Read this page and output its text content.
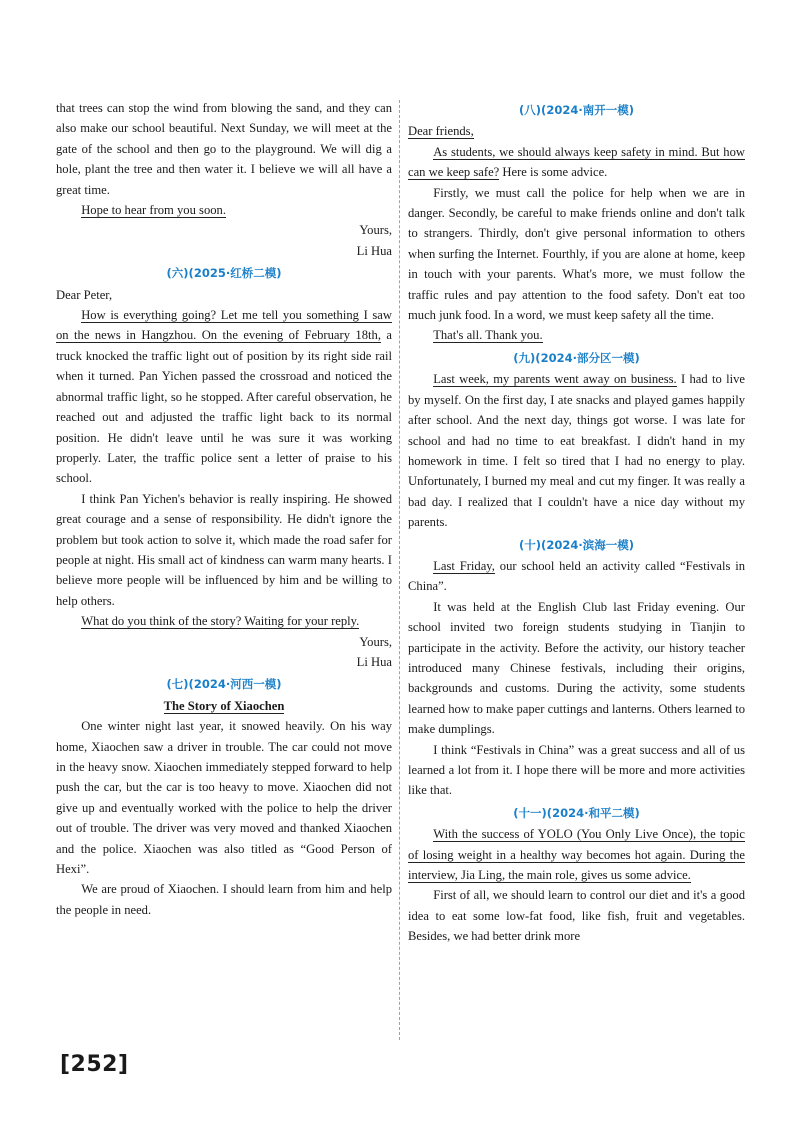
that trees can stop the wind from blowing the sand, and they can also make our school beautiful. Next Sunday, we will meet at the gate of the school and then go to the playground. We will dig a hole, plant the tree and then water it. I believe we will all have a great time.

Hope to hear from you soon.

Yours,

Li Hua

(六)(2025·红桥二模)

Dear Peter,

How is everything going? Let me tell you something I saw on the news in Hangzhou. On the evening of February 18th, a truck knocked the traffic light out of position by its right side rail when it turned. Pan Yichen passed the crossroad and noticed the abnormal traffic light, so he stopped. After careful observation, he reached out and adjusted the traffic light back to its normal position. He didn't leave until he was sure it was working properly. Later, the traffic police sent a letter of praise to his school.

I think Pan Yichen's behavior is really inspiring. He showed great courage and a sense of responsibility. He didn't ignore the problem but took action to solve it, which made the road safer for people at night. His small act of kindness can warm many hearts. I believe more people will be influenced by him and be willing to help others.

What do you think of the story? Waiting for your reply.

Yours,

Li Hua

(七)(2024·河西一模)
The Story of Xiaochen

One winter night last year, it snowed heavily. On his way home, Xiaochen saw a driver in trouble. The car could not move in the heavy snow. Xiaochen immediately stepped forward to help push the car, but the car is too heavy to move. Xiaochen did not give up and eventually worked with the police to help the driver out of trouble. The driver was very moved and thanked Xiaochen and the police. Xiaochen was also titled as “Good Person of Hexi”.

We are proud of Xiaochen. I should learn from him and help the people in need.

(八)(2024·南开一模)

Dear friends,

As students, we should always keep safety in mind. But how can we keep safe? Here is some advice.

Firstly, we must call the police for help when we are in danger. Secondly, be careful to make friends online and don't talk to strangers. Thirdly, don't give personal information to others when surfing the Internet. Fourthly, if you are alone at home, keep in touch with your parents. What's more, we must follow the traffic rules and pay attention to the food safety. Don't eat too much junk food. In a word, we must keep safety all the time.

That's all. Thank you.

(九)(2024·部分区一模)

Last week, my parents went away on business. I had to live by myself. On the first day, I ate snacks and played games happily after school. And the next day, things got worse. I was late for school and had no time to eat breakfast. I didn't hand in my homework in time. I felt so tired that I had no energy to play. Unfortunately, I burned my meal and cut my finger. It was really a bad day. I realized that I couldn't have a nice day without my parents.

(十)(2024·滨海一模)

Last Friday, our school held an activity called “Festivals in China”.

It was held at the English Club last Friday evening. Our school invited two foreign students studying in Tianjin to participate in the activity. Before the activity, our history teacher introduced many Chinese festivals, including their origins, backgrounds and customs. During the activity, some students learned how to make paper cuttings and lanterns. Others learned to make dumplings.

I think “Festivals in China” was a great success and all of us learned a lot from it. I hope there will be more and more activities like that.

(十一)(2024·和平二模)

With the success of YOLO (You Only Live Once), the topic of losing weight in a healthy way becomes hot again. During the interview, Jia Ling, the main role, gives us some advice.

First of all, we should learn to control our diet and it's a good idea to eat some low-fat food, like fish, fruit and vegetables. Besides, we had better drink more

[252]
